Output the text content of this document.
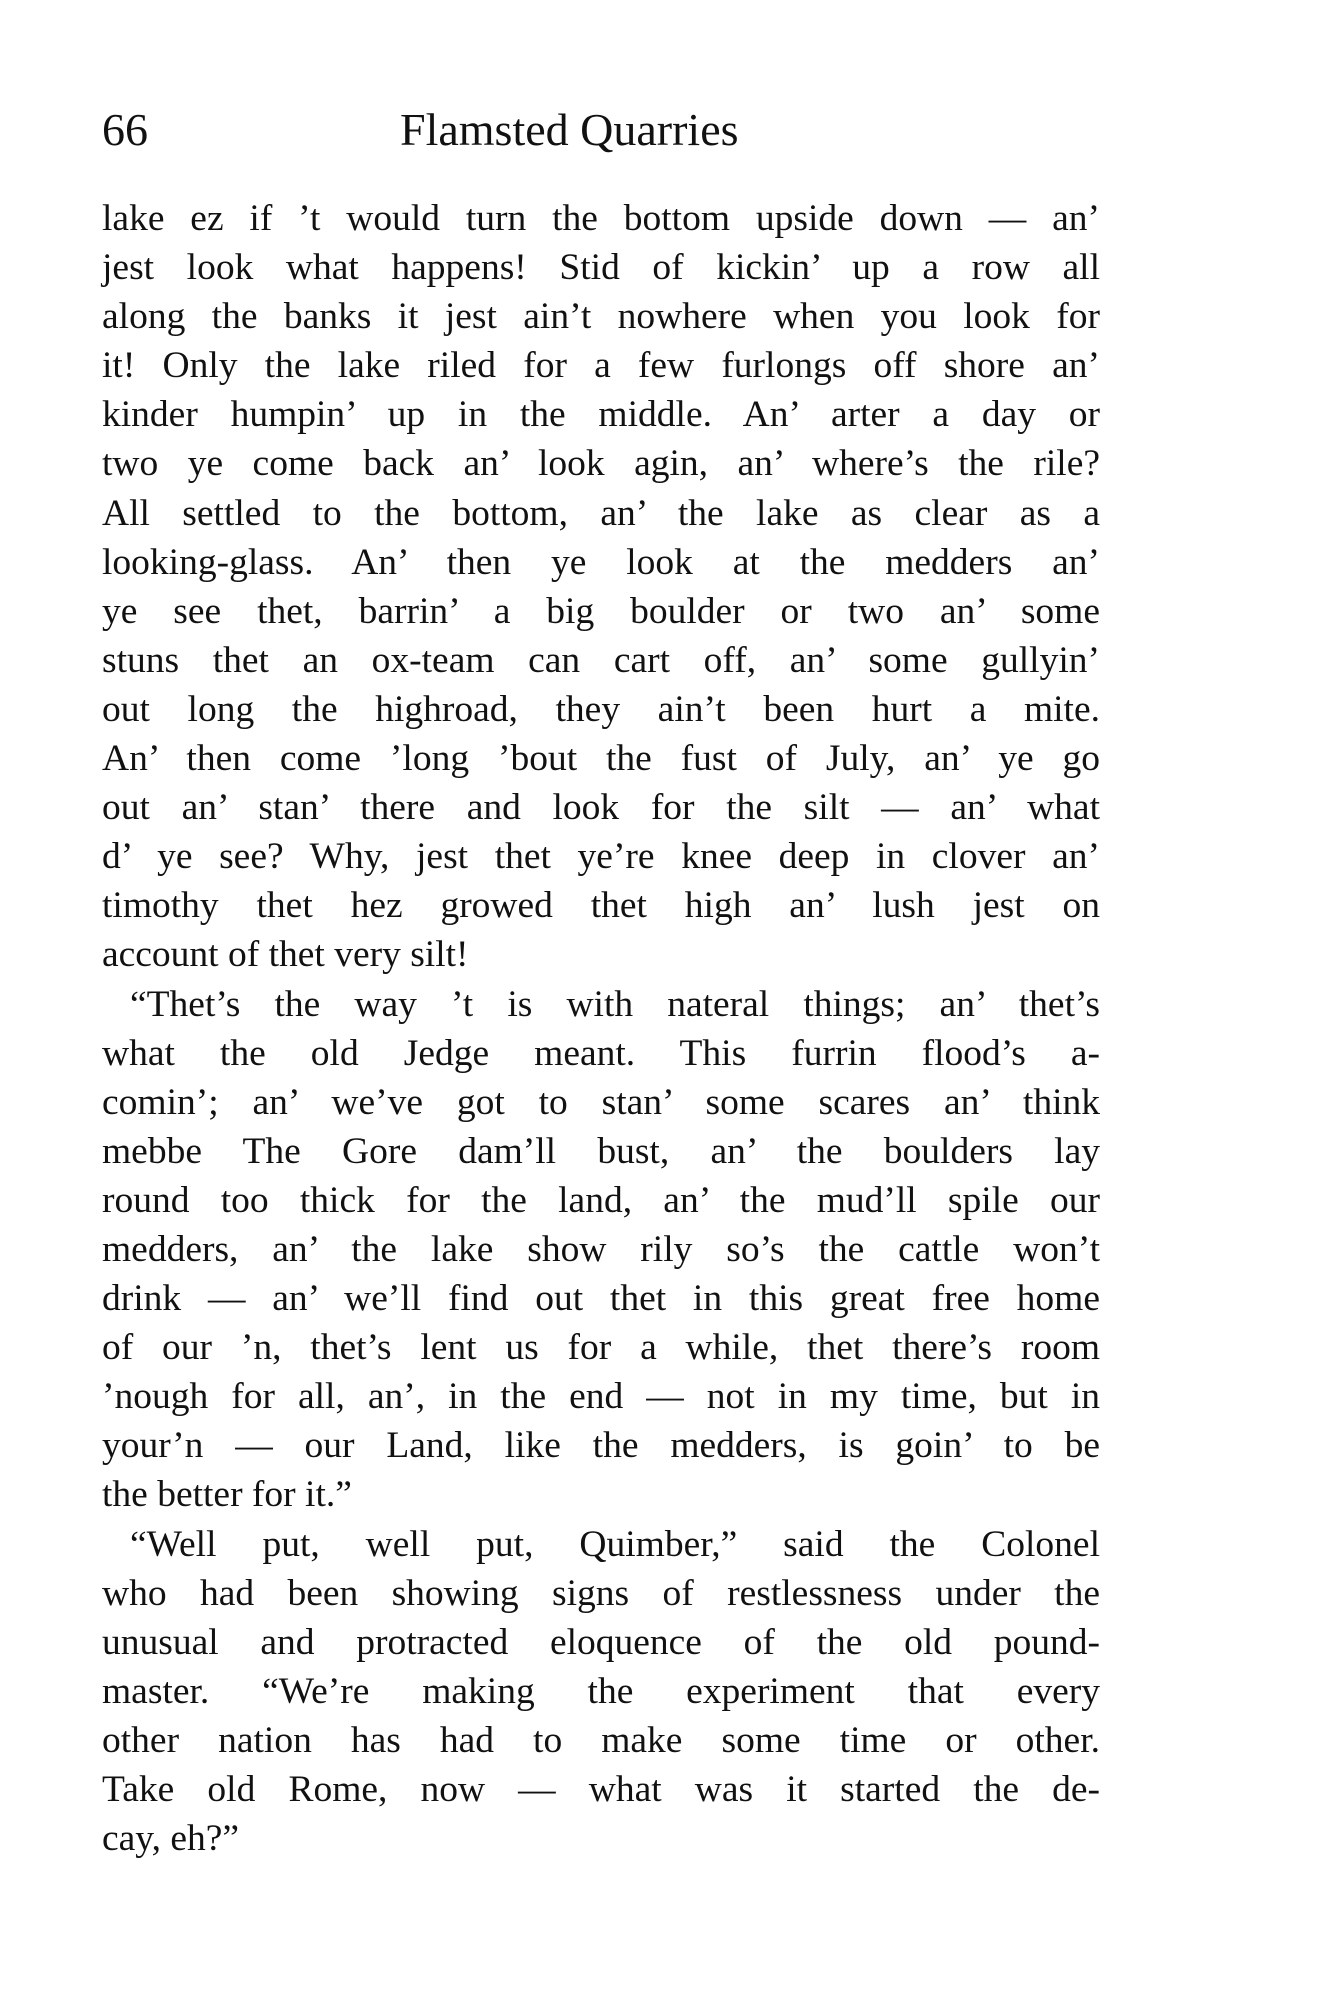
66	Flamsted Quarries
lake ez if ’t would turn the bottom upside down — an’
jest look what happens! Stid of kickin’ up a row all
along the banks it jest ain’t nowhere when you look for
it! Only the lake riled for a few furlongs off shore an’
kinder humpin’ up in the middle. An’ arter a day or
two ye come back an’ look agin, an’ where’s the rile?
All settled to the bottom, an’ the lake as clear as a
looking-glass. An’ then ye look at the medders an’
ye see thet, barrin’ a big boulder or two an’ some
stuns thet an ox-team can cart off, an’ some gullyin’
out long the highroad, they ain’t been hurt a mite.
An’ then come ’long ’bout the fust of July, an’ ye go
out an’ stan’ there and look for the silt — an’ what
d’ ye see? Why, jest thet ye’re knee deep in clover an’
timothy thet hez growed thet high an’ lush jest on
account of thet very silt!
“Thet’s the way ’t is with nateral things; an’ thet’s
what the old Jedge meant. This furrin flood’s a-
comin’; an’ we’ve got to stan’ some scares an’ think
mebbe The Gore dam’ll bust, an’ the boulders lay
round too thick for the land, an’ the mud’ll spile our
medders, an’ the lake show rily so’s the cattle won’t
drink — an’ we’ll find out thet in this great free home
of our ’n, thet’s lent us for a while, thet there’s room
’nough for all, an’, in the end — not in my time, but in
your’n — our Land, like the medders, is goin’ to be
the better for it.”
“Well put, well put, Quimber,” said the Colonel
who had been showing signs of restlessness under the
unusual and protracted eloquence of the old pound-
master. “We’re making the experiment that every
other nation has had to make some time or other.
Take old Rome, now — what was it started the de-
cay, eh?”
